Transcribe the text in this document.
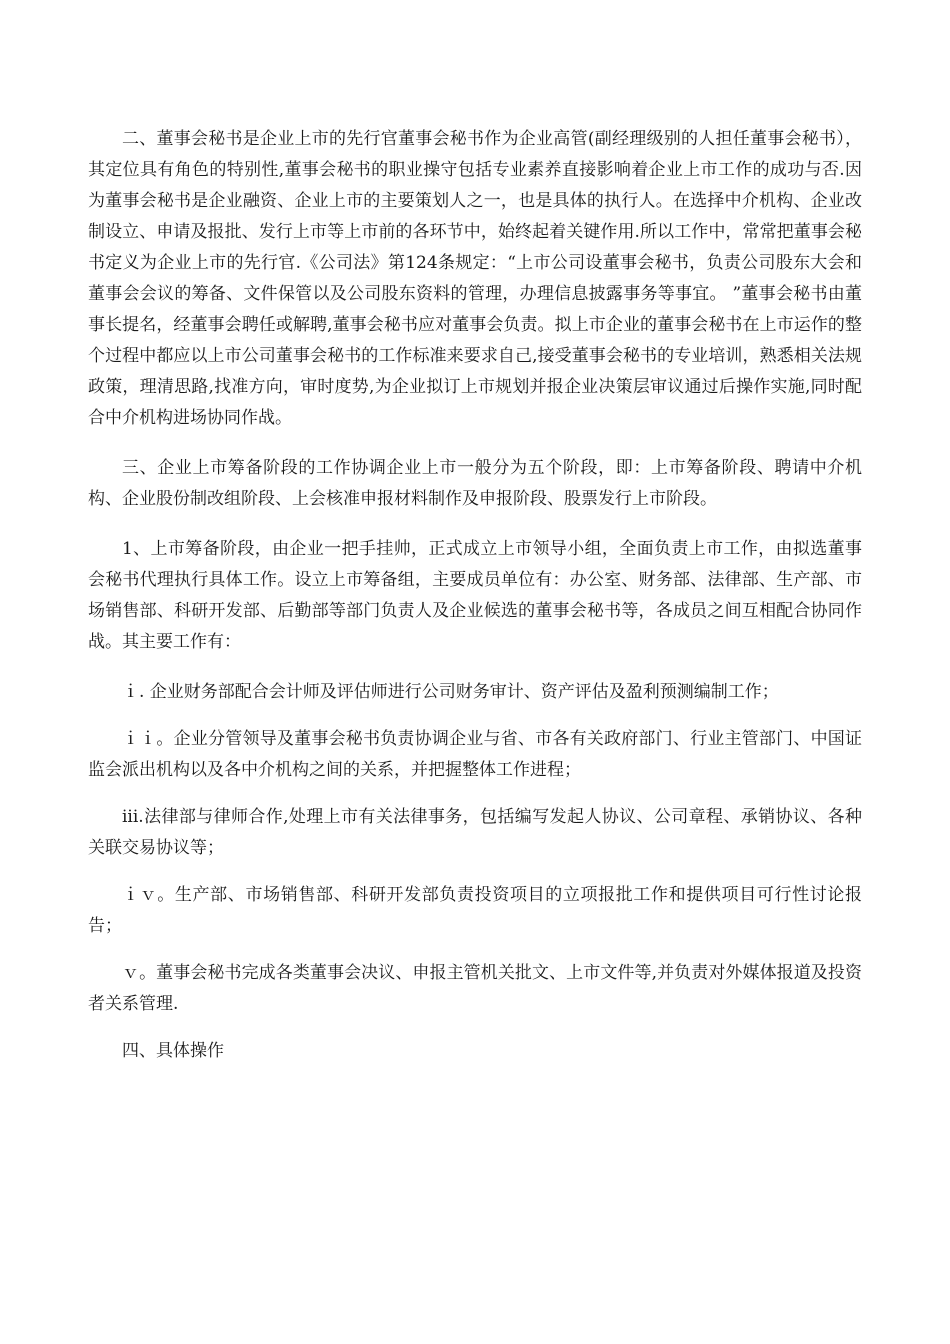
二、董事会秘书是企业上市的先行官董事会秘书作为企业高管(副经理级别的人担任董事会秘书），其定位具有角色的特别性,董事会秘书的职业操守包括专业素养直接影响着企业上市工作的成功与否.因为董事会秘书是企业融资、企业上市的主要策划人之一，也是具体的执行人。在选择中介机构、企业改制设立、申请及报批、发行上市等上市前的各环节中，始终起着关键作用.所以工作中，常常把董事会秘书定义为企业上市的先行官.《公司法》第124条规定：“上市公司设董事会秘书，负责公司股东大会和董事会会议的筹备、文件保管以及公司股东资料的管理，办理信息披露事务等事宜。 ”董事会秘书由董事长提名，经董事会聘任或解聘,董事会秘书应对董事会负责。拟上市企业的董事会秘书在上市运作的整个过程中都应以上市公司董事会秘书的工作标准来要求自己,接受董事会秘书的专业培训，熟悉相关法规政策，理清思路,找准方向，审时度势,为企业拟订上市规划并报企业决策层审议通过后操作实施,同时配合中介机构进场协同作战。

三、企业上市筹备阶段的工作协调企业上市一般分为五个阶段，即：上市筹备阶段、聘请中介机构、企业股份制改组阶段、上会核准申报材料制作及申报阶段、股票发行上市阶段。

1、上市筹备阶段，由企业一把手挂帅，正式成立上市领导小组，全面负责上市工作，由拟选董事会秘书代理执行具体工作。设立上市筹备组，主要成员单位有：办公室、财务部、法律部、生产部、市场销售部、科研开发部、后勤部等部门负责人及企业候选的董事会秘书等，各成员之间互相配合协同作战。其主要工作有：

ｉ. 企业财务部配合会计师及评估师进行公司财务审计、资产评估及盈利预测编制工作；

ｉｉ。企业分管领导及董事会秘书负责协调企业与省、市各有关政府部门、行业主管部门、中国证监会派出机构以及各中介机构之间的关系，并把握整体工作进程；

iii.法律部与律师合作,处理上市有关法律事务，包括编写发起人协议、公司章程、承销协议、各种关联交易协议等；

ｉｖ。生产部、市场销售部、科研开发部负责投资项目的立项报批工作和提供项目可行性讨论报告；

ｖ。董事会秘书完成各类董事会决议、申报主管机关批文、上市文件等,并负责对外媒体报道及投资者关系管理.

四、具体操作
